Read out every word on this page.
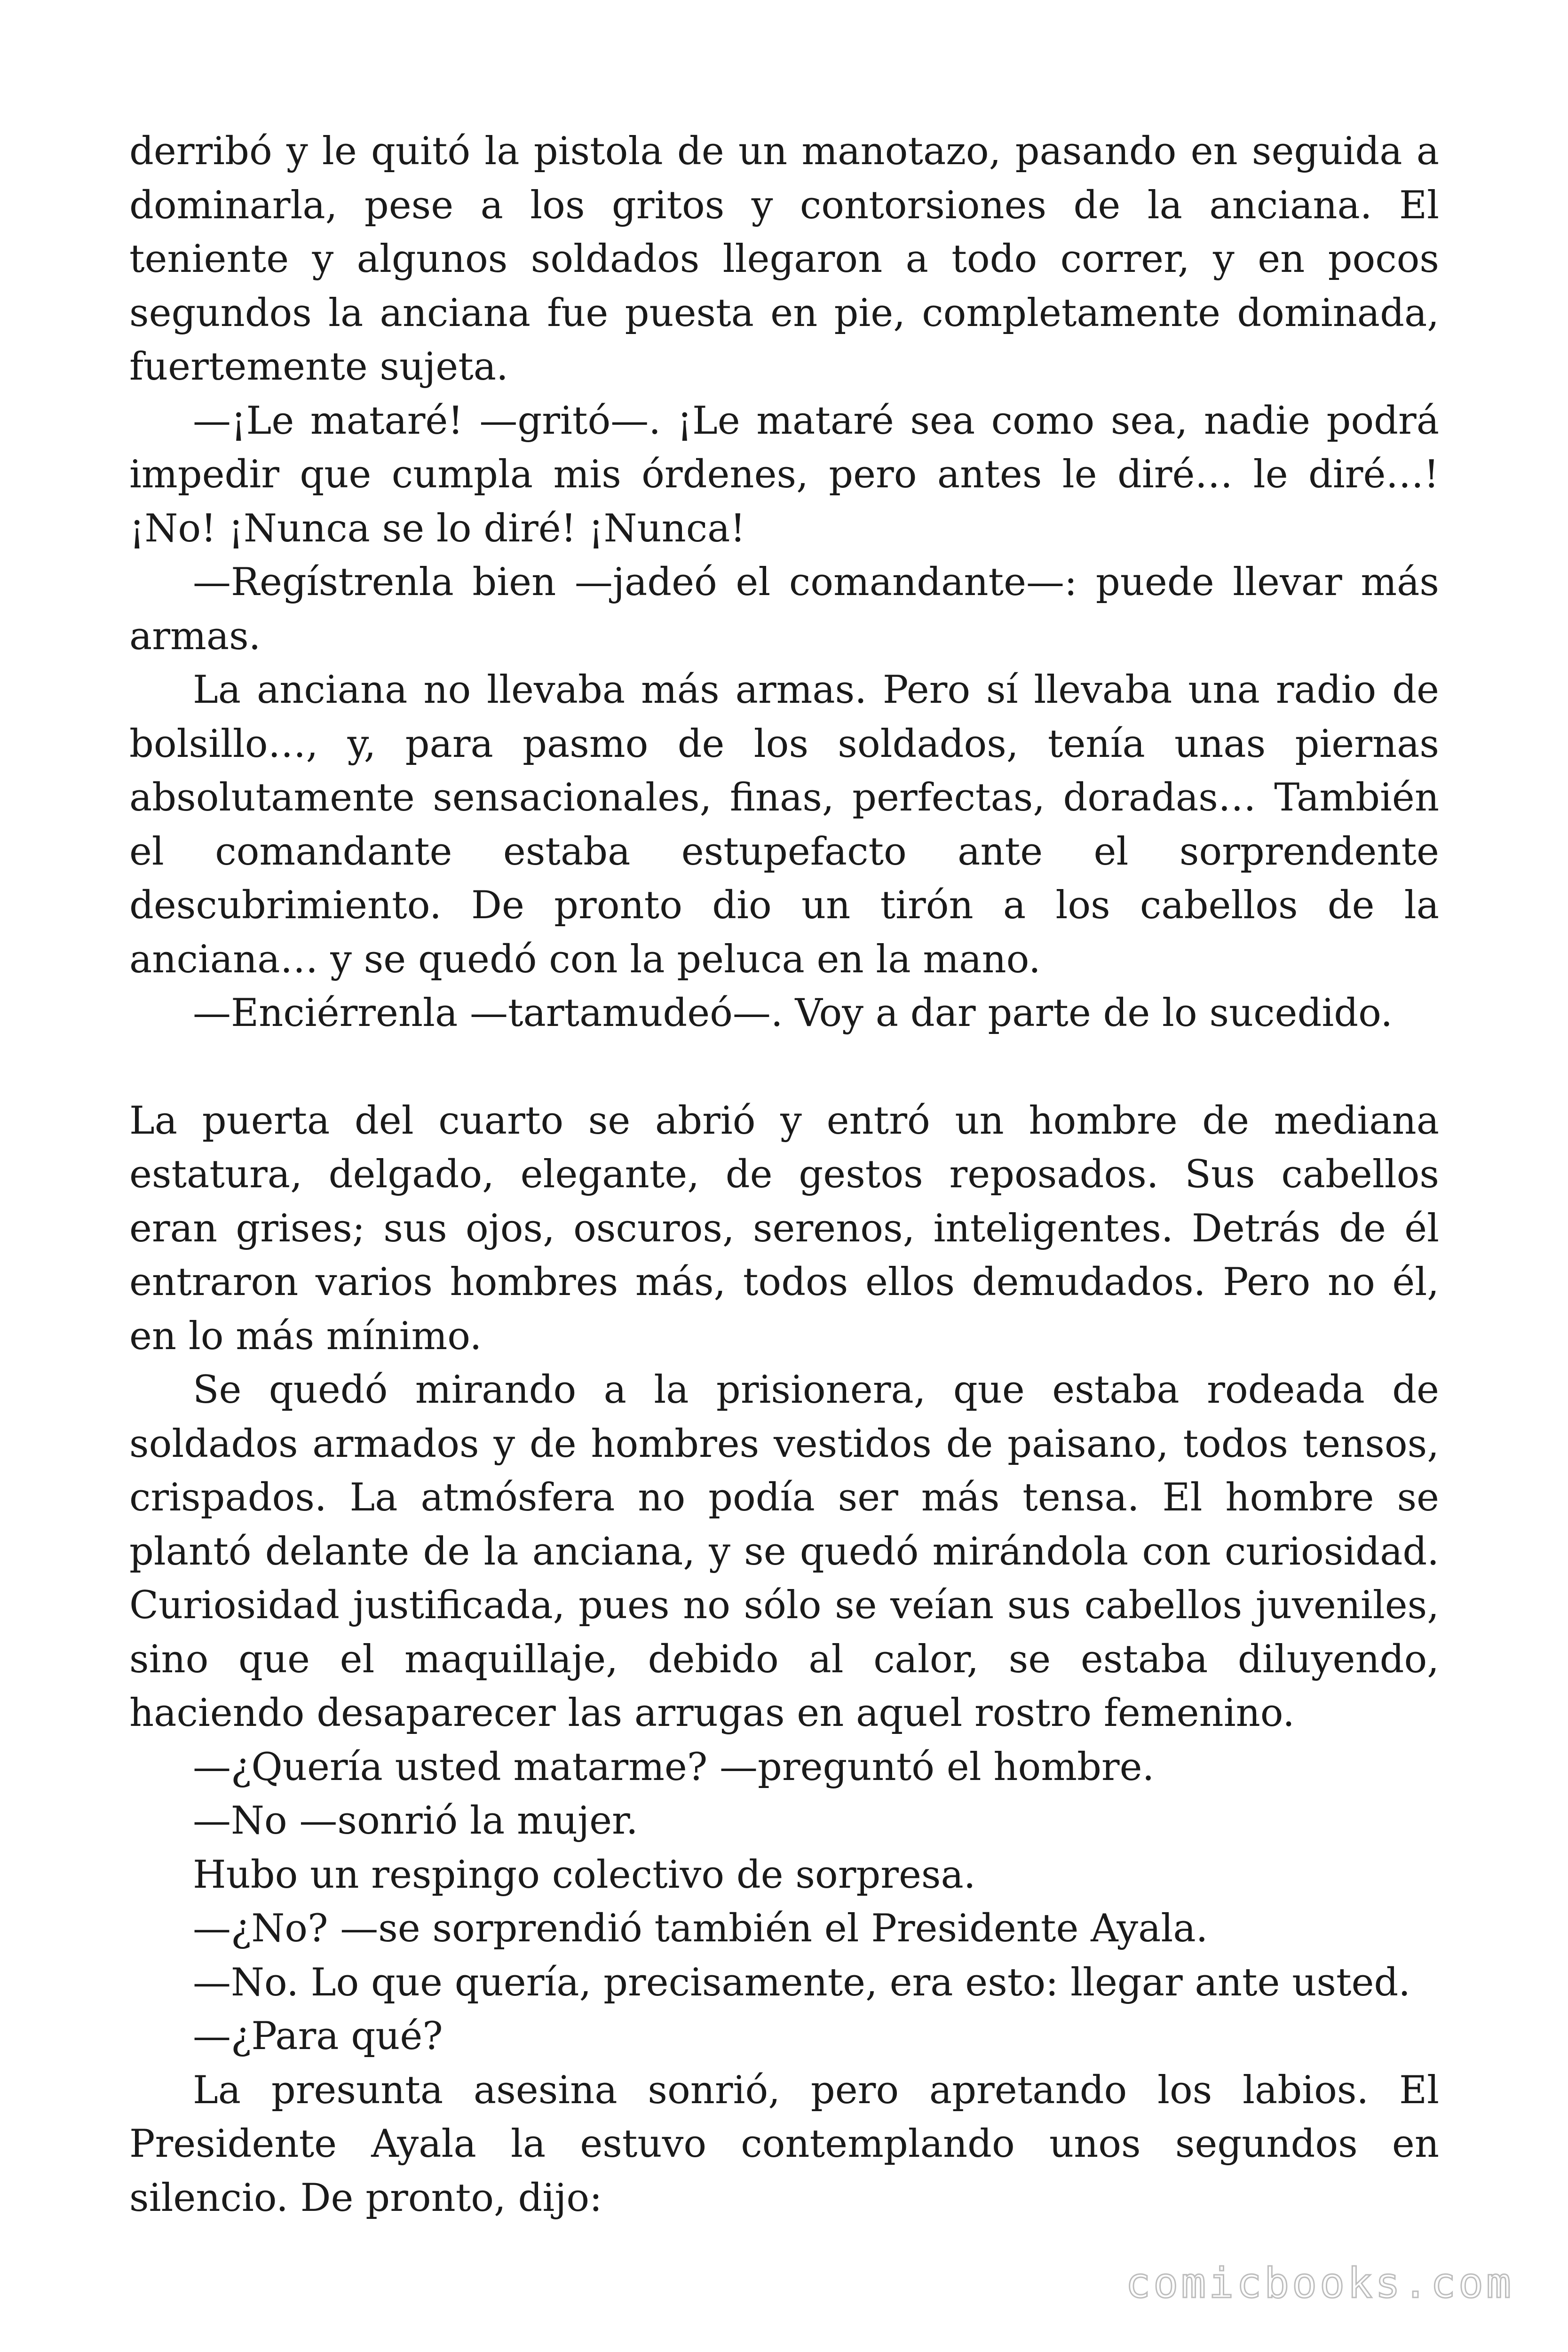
derribó y le quitó la pistola de un manotazo, pasando en seguida a dominarla, pese a los gritos y contorsiones de la anciana. El teniente y algunos soldados llegaron a todo correr, y en pocos segundos la anciana fue puesta en pie, completamente dominada, fuertemente sujeta.

—¡Le mataré! —gritó—. ¡Le mataré sea como sea, nadie podrá impedir que cumpla mis órdenes, pero antes le diré… le diré…! ¡No! ¡Nunca se lo diré! ¡Nunca!

—Regístrenla bien —jadeó el comandante—: puede llevar más armas.

La anciana no llevaba más armas. Pero sí llevaba una radio de bolsillo…, y, para pasmo de los soldados, tenía unas piernas absolutamente sensacionales, finas, perfectas, doradas… También el comandante estaba estupefacto ante el sorprendente descubrimiento. De pronto dio un tirón a los cabellos de la anciana… y se quedó con la peluca en la mano.

—Enciérrenla —tartamudeó—. Voy a dar parte de lo sucedido.

La puerta del cuarto se abrió y entró un hombre de mediana estatura, delgado, elegante, de gestos reposados. Sus cabellos eran grises; sus ojos, oscuros, serenos, inteligentes. Detrás de él entraron varios hombres más, todos ellos demudados. Pero no él, en lo más mínimo.

Se quedó mirando a la prisionera, que estaba rodeada de soldados armados y de hombres vestidos de paisano, todos tensos, crispados. La atmósfera no podía ser más tensa. El hombre se plantó delante de la anciana, y se quedó mirándola con curiosidad. Curiosidad justificada, pues no sólo se veían sus cabellos juveniles, sino que el maquillaje, debido al calor, se estaba diluyendo, haciendo desaparecer las arrugas en aquel rostro femenino.

—¿Quería usted matarme? —preguntó el hombre.

—No —sonrió la mujer.

Hubo un respingo colectivo de sorpresa.

—¿No? —se sorprendió también el Presidente Ayala.

—No. Lo que quería, precisamente, era esto: llegar ante usted.

—¿Para qué?

La presunta asesina sonrió, pero apretando los labios. El Presidente Ayala la estuvo contemplando unos segundos en silencio. De pronto, dijo:

comicbooks.com
